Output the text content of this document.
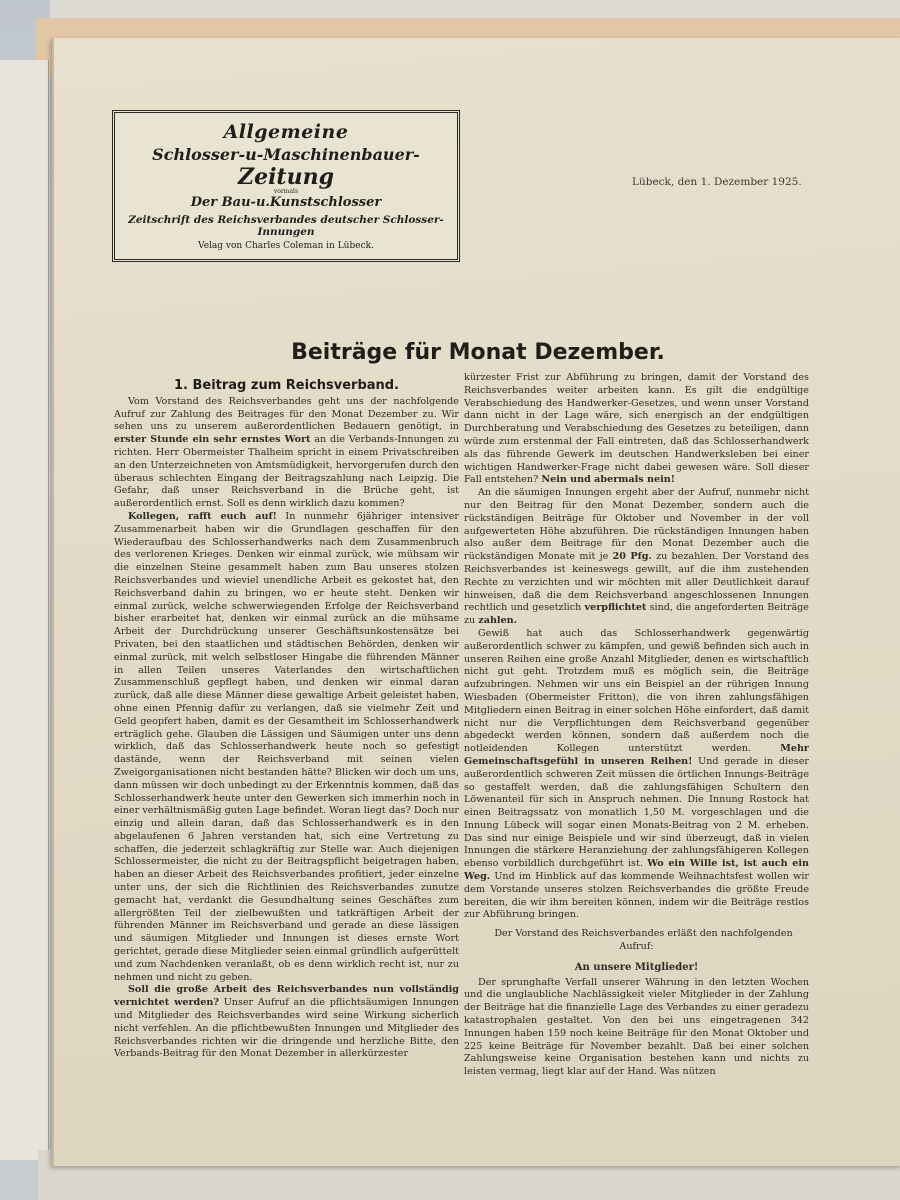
Allgemeine
Schlosser-u-Maschinenbauer-
Zeitung
vormals
Der Bau-u.Kunstschlosser
Zeitschrift des Reichsverbandes deutscher Schlosser-Innungen
Velag von Charles Coleman in Lübeck.
Lübeck, den 1. Dezember 1925.
Beiträge für Monat Dezember.
1. Beitrag zum Reichsverband.

Vom Vorstand des Reichsverbandes geht uns der nachfolgende Aufruf zur Zahlung des Beitrages für den Monat Dezember zu. Wir sehen uns zu unserem außerordentlichen Bedauern genötigt, in erster Stunde ein sehr ernstes Wort an die Verbands-Innungen zu richten. Herr Obermeister Thalheim spricht in einem Privatschreiben an den Unterzeichneten von Amtsmüdigkeit, hervorgerufen durch den überaus schlechten Eingang der Beitragszahlung nach Leipzig. Die Gefahr, daß unser Reichsverband in die Brüche geht, ist außerordentlich ernst. Soll es denn wirklich dazu kommen?

Kollegen, rafft euch auf! In nunmehr 6jähriger intensiver Zusammenarbeit haben wir die Grundlagen geschaffen für den Wiederaufbau des Schlosserhandwerks nach dem Zusammenbruch des verlorenen Krieges. Denken wir einmal zurück, wie mühsam wir die einzelnen Steine gesammelt haben zum Bau unseres stolzen Reichsverbandes und wieviel unendliche Arbeit es gekostet hat, den Reichsverband dahin zu bringen, wo er heute steht. Denken wir einmal zurück, welche schwerwiegenden Erfolge der Reichsverband bisher erarbeitet hat, denken wir einmal zurück an die mühsame Arbeit der Durchdrückung unserer Geschäftsunkostensätze bei Privaten, bei den staatlichen und städtischen Behörden, denken wir einmal zurück, mit welch selbstloser Hingabe die führenden Männer in allen Teilen unseres Vaterlandes den wirtschaftlichen Zusammenschluß gepflegt haben, und denken wir einmal daran zurück, daß alle diese Männer diese gewaltige Arbeit geleistet haben, ohne einen Pfennig dafür zu verlangen, daß sie vielmehr Zeit und Geld geopfert haben, damit es der Gesamtheit im Schlosserhandwerk erträglich gehe. Glauben die Lässigen und Säumigen unter uns denn wirklich, daß das Schlosserhandwerk heute noch so gefestigt dastände, wenn der Reichsverband mit seinen vielen Zweigorganisationen nicht bestanden hätte? Blicken wir doch um uns, dann müssen wir doch unbedingt zu der Erkenntnis kommen, daß das Schlosserhandwerk heute unter den Gewerken sich immerhin noch in einer verhältnismäßig guten Lage befindet. Woran liegt das? Doch nur einzig und allein daran, daß das Schlosserhandwerk es in den abgelaufenen 6 Jahren verstanden hat, sich eine Vertretung zu schaffen, die jederzeit schlagkräftig zur Stelle war. Auch diejenigen Schlossermeister, die nicht zu der Beitragspflicht beigetragen haben, haben an dieser Arbeit des Reichsverbandes profitiert, jeder einzelne unter uns, der sich die Richtlinien des Reichsverbandes zunutze gemacht hat, verdankt die Gesundhaltung seines Geschäftes zum allergrößten Teil der zielbewußten und tatkräftigen Arbeit der führenden Männer im Reichsverband und gerade an diese lässigen und säumigen Mitglieder und Innungen ist dieses ernste Wort gerichtet, gerade diese Mitglieder seien einmal gründlich aufgerüttelt und zum Nachdenken veranlaßt, ob es denn wirklich recht ist, nur zu nehmen und nicht zu geben.

Soll die große Arbeit des Reichsverbandes nun vollständig vernichtet werden? Unser Aufruf an die pflichtsäumigen Innungen und Mitglieder des Reichsverbandes wird seine Wirkung sicherlich nicht verfehlen. An die pflichtbewußten Innungen und Mitglieder des Reichsverbandes richten wir die dringende und herzliche Bitte, den Verbands-Beitrag für den Monat Dezember in allerkürzester

kürzester Frist zur Abführung zu bringen, damit der Vorstand des Reichsverbandes weiter arbeiten kann. Es gilt die endgültige Verabschiedung des Handwerker-Gesetzes, und wenn unser Vorstand dann nicht in der Lage wäre, sich energisch an der endgültigen Durchberatung und Verabschiedung des Gesetzes zu beteiligen, dann würde zum erstenmal der Fall eintreten, daß das Schlosserhandwerk als das führende Gewerk im deutschen Handwerksleben bei einer wichtigen Handwerker-Frage nicht dabei gewesen wäre. Soll dieser Fall entstehen? Nein und abermals nein!

An die säumigen Innungen ergeht aber der Aufruf, nunmehr nicht nur den Beitrag für den Monat Dezember, sondern auch die rückständigen Beiträge für Oktober und November in der voll aufgewerteten Höhe abzuführen. Die rückständigen Innungen haben also außer dem Beitrage für den Monat Dezember auch die rückständigen Monate mit je 20 Pfg. zu bezahlen. Der Vorstand des Reichsverbandes ist keineswegs gewillt, auf die ihm zustehenden Rechte zu verzichten und wir möchten mit aller Deutlichkeit darauf hinweisen, daß die dem Reichsverband angeschlossenen Innungen rechtlich und gesetzlich verpflichtet sind, die angeforderten Beiträge zu zahlen.

Gewiß hat auch das Schlosserhandwerk gegenwärtig außerordentlich schwer zu kämpfen, und gewiß befinden sich auch in unseren Reihen eine große Anzahl Mitglieder, denen es wirtschaftlich nicht gut geht. Trotzdem muß es möglich sein, die Beiträge aufzubringen. Nehmen wir uns ein Beispiel an der rührigen Innung Wiesbaden (Obermeister Fritton), die von ihren zahlungsfähigen Mitgliedern einen Beitrag in einer solchen Höhe einfordert, daß damit nicht nur die Verpflichtungen dem Reichsverband gegenüber abgedeckt werden können, sondern daß außerdem noch die notleidenden Kollegen unterstützt werden.	Mehr Gemeinschaftsgefühl in unseren Reihen! Und gerade in dieser außerordentlich schweren Zeit müssen die örtlichen Innungs-Beiträge so gestaffelt werden, daß die zahlungsfähigen Schultern den Löwenanteil für sich in Anspruch nehmen. Die Innung Rostock hat einen Beitragssatz von monatlich 1,50 M. vorgeschlagen und die Innung Lübeck will sogar einen Monats-Beitrag von 2 M. erheben. Das sind nur einige Beispiele und wir sind überzeugt, daß in vielen Innungen die stärkere Heranziehung der zahlungsfähigeren Kollegen ebenso vorbildlich durchgeführt ist. Wo ein Wille ist, ist auch ein Weg. Und im Hinblick auf das kommende Weihnachtsfest wollen wir dem Vorstande unseres stolzen Reichsverbandes die größte Freude bereiten, die wir ihm bereiten können, indem wir die Beiträge restlos zur Abführung bringen.

Der Vorstand des Reichsverbandes erläßt den nachfolgenden Aufruf:

An unsere Mitglieder!

Der sprunghafte Verfall unserer Währung in den letzten Wochen und die unglaubliche Nachlässigkeit vieler Mitglieder in der Zahlung der Beiträge hat die finanzielle Lage des Verbandes zu einer geradezu katastrophalen gestaltet. Von den bei uns eingetragenen 342 Innungen haben 159 noch keine Beiträge für den Monat Oktober und 225 keine Beiträge für November bezahlt. Daß bei einer solchen Zahlungsweise keine Organisation bestehen kann und nichts zu leisten vermag, liegt klar auf der Hand. Was nützen
